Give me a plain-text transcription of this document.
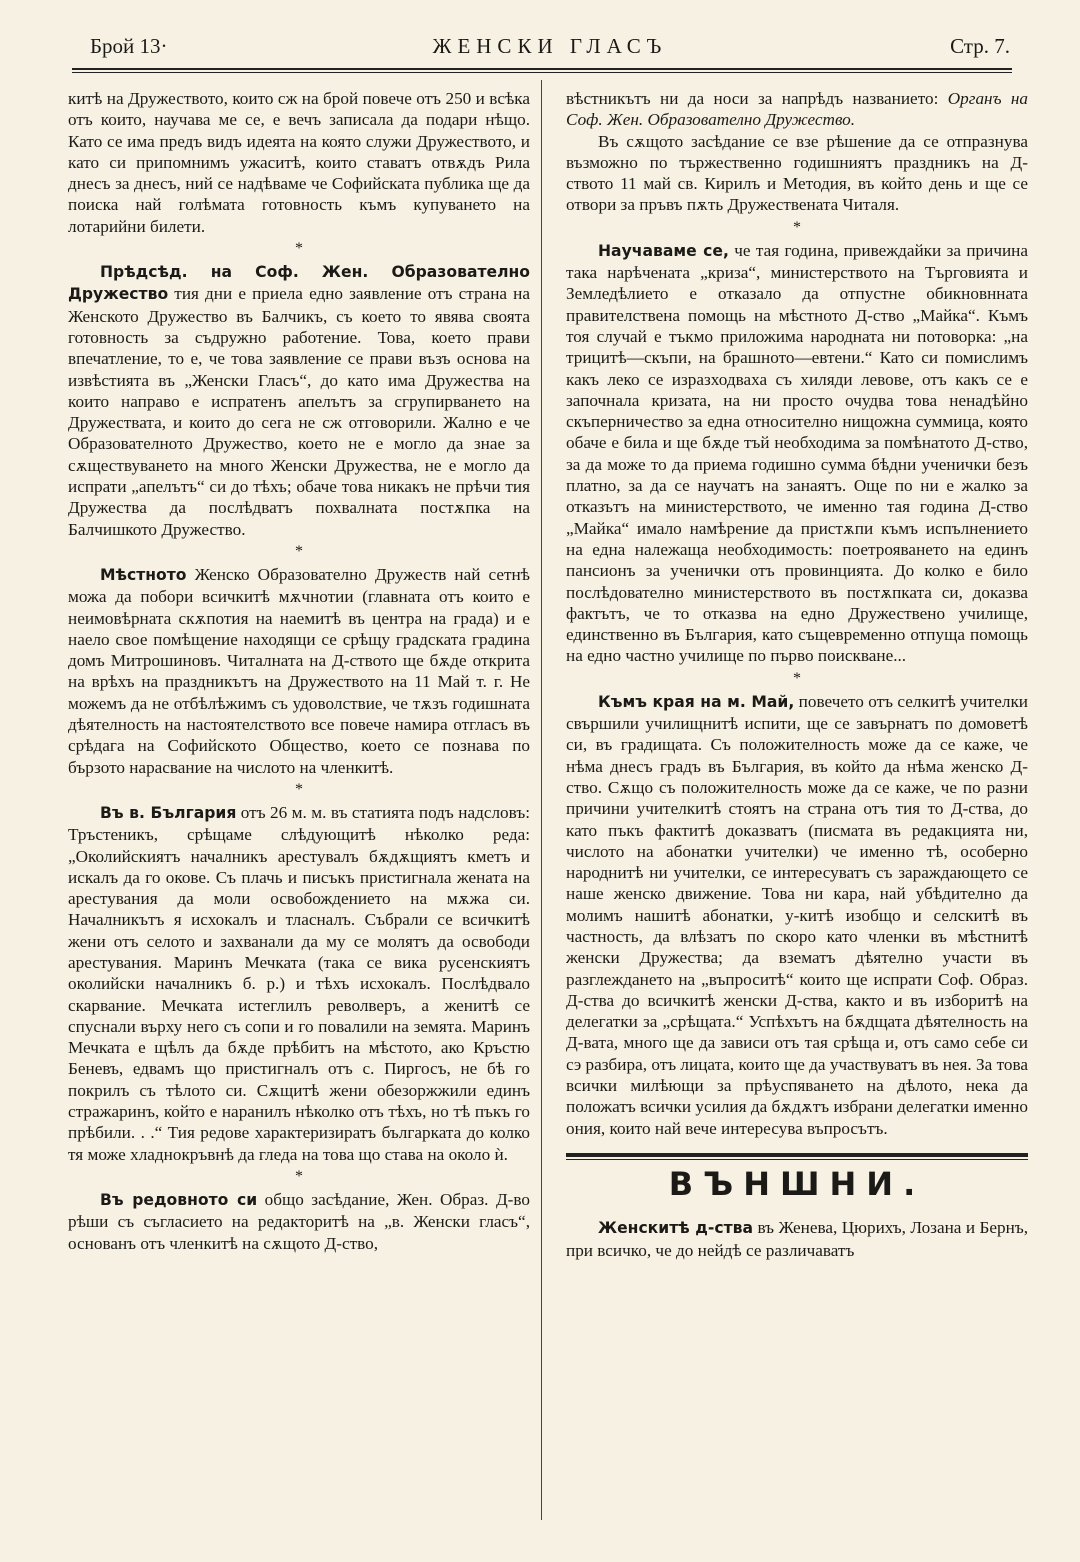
Брой 13·	ЖЕНСКИ ГЛАСЪ	Стр. 7.

китѣ на Дружеството, които сж на брой повече отъ 250 и всѣка отъ които, научава ме се, е вечъ записала да подари нѣщо. Като се има предъ видъ идеята на която служи Дружеството, и като си припомнимъ ужаситѣ, които ставатъ отвѫдъ Рила днесъ за днесъ, ний се надѣваме че Софийската публика ще да поиска най голѣмата готовность къмъ купуването на лотарийни билети.

*

Прѣдсѣд. на Соф. Жен. Образователно Дружество тия дни е приела едно заявление отъ страна на Женското Дружество въ Балчикъ, съ което то явява своята готовность за съдружно работение. Това, което прави впечатление, то е, че това заявление се прави възъ основа на извѣстията въ „Женски Гласъ“, до като има Дружества на които направо е испратенъ апелътъ за сгрупирването на Дружествата, и които до сега не сж отговорили. Жално е че Образователното Дружество, което не е могло да знае за сѫществуването на много Женски Дружества, не е могло да испрати „апелътъ“ си до тѣхъ; обаче това никакъ не прѣчи тия Дружества да послѣдватъ похвалната постѫпка на Балчишкото Дружество.

*

Мѣстното Женско Образователно Дружеств най сетнѣ можа да побори всичкитѣ мѫчнотии (главната отъ които е неимовѣрната скѫпотия на наемитѣ въ центра на града) и е наело свое помѣщение находящи се срѣщу градската градина домъ Митрошиновъ. Читалната на Д-ството ще бѫде открита на врѣхъ на праздникътъ на Дружеството на 11 Май т. г. Не можемъ да не отбѣлѣжимъ съ удоволствие, че тѫзъ годишната дѣятелность на настоятелството все повече намира отгласъ въ срѣдага на Софийското Общество, което се познава по бързото нарасвание на числото на членкитѣ.

*

Въ в. България отъ 26 м. м. въ статията подъ надсловъ: Тръстеникъ, срѣщаме слѣдующитѣ нѣколко реда: „Околийскиятъ началникъ арестувалъ бѫдѫщиятъ кметъ и искалъ да го окове. Съ плачь и писъкъ пристигнала жената на арестувания да моли освобождението на мѫжа си. Началникътъ я исхокалъ и тласналъ. Събрали се всичкитѣ жени отъ селото и захванали да му се молятъ да освободи арестувания. Маринъ Мечката (така се вика русенскиятъ околийски началникъ б. р.) и тѣхъ исхокалъ. Послѣдвало скарвание. Мечката истеглилъ револверъ, а женитѣ се спуснали върху него съ сопи и го повалили на земята. Маринъ Мечката е щѣлъ да бѫде прѣбитъ на мѣстото, ако Кръстю Беневъ, едвамъ що пристигналъ отъ с. Пиргосъ, не бѣ го покрилъ съ тѣлото си. Сѫщитѣ жени обезоржжили единъ стражаринъ, който е наранилъ нѣколко отъ тѣхъ, но тѣ пъкъ го прѣбили. . .“ Тия редове характеризиратъ българката до колко тя може хладнокръвнѣ да гледа на това що става на около ѝ.

*

Въ редовното си общо засѣдание, Жен. Образ. Д-во рѣши съ съгласието на редакторитѣ на „в. Женски гласъ“, основанъ отъ членкитѣ на сѫщото Д-ство,

вѣстникътъ ни да носи за напрѣдъ названието: Органъ на Соф. Жен. Образователно Дружество.

Въ сѫщото засѣдание се взе рѣшение да се отпразнува възможно по тържественно годишниятъ праздникъ на Д-ството 11 май св. Кирилъ и Методия, въ който день и ще се отвори за пръвъ пѫть Дружествената Читаля.

*

Научаваме се, че тая година, привеждайки за причина така нарѣчената „криза“, министерството на Търговията и Земледѣлието е отказало да отпустне обикновнната правителствена помощь на мѣстното Д-ство „Майка“. Къмъ тоя случай е тъкмо приложима народната ни потоворка: „на трицитѣ—скъпи, на брашното—евтени.“ Като си помислимъ какъ леко се изразходваха съ хиляди левове, отъ какъ се е започнала кризата, на ни просто очудва това ненадѣйно скъперничество за една относително нищожна суммица, която обаче е била и ще бѫде тъй необходима за помѣнатото Д-ство, за да може то да приема годишно сумма бѣдни ученички безъ платно, за да се научатъ на занаятъ. Още по ни е жалко за отказътъ на министерството, че именно тая година Д-ство „Майка“ имало намѣрение да пристѫпи къмъ испълнението на една належаща необходимость: поетрояването на единъ пансионъ за ученички отъ провинцията. До колко е било послѣдователно министерството въ постѫпката си, доказва фактътъ, че то отказва на едно Дружествено училище, единственно въ България, като същевременно отпуща помощь на едно частно училище по първо поискване...

*

Къмъ края на м. Май, повечето отъ селкитѣ учителки свършили училищнитѣ испити, ще се завърнатъ по домоветѣ си, въ градищата. Съ положителность може да се каже, че нѣма днесъ градъ въ България, въ който да нѣма женско Д-ство. Сѫщо съ положителность може да се каже, че по разни причини учителкитѣ стоятъ на страна отъ тия то Д-ства, до като пъкъ фактитѣ доказватъ (писмата въ редакцията ни, числото на абонатки учителки) че именно тѣ, особерно народнитѣ ни учителки, се интересуватъ съ зараждающето се наше женско движение. Това ни кара, най убѣдително да молимъ нашитѣ абонатки, у-китѣ изобщо и селскитѣ въ частность, да влѣзатъ по скоро като членки въ мѣстнитѣ женски Дружества; да взематъ дѣятелно участи въ разглеждането на „въпроситѣ“ които ще испрати Соф. Образ. Д-ства до всичкитѣ женски Д-ства, както и въ изборитѣ на делегатки за „срѣщата.“ Успѣхътъ на бѫдщата дѣятелность на Д-вата, много ще да зависи отъ тая срѣща и, отъ само себе си сэ разбира, отъ лицата, които ще да участвуватъ въ нея. За това всички милѣющи за прѣуспяването на дѣлото, нека да положатъ всички усилия да бѫдѫтъ избрани делегатки именно ония, които най вече интересува въпросътъ.

ВЪНШНИ.

Женскитѣ д-ства въ Женева, Цюрихъ, Лозана и Бернъ, при всичко, че до нейдѣ се различаватъ
